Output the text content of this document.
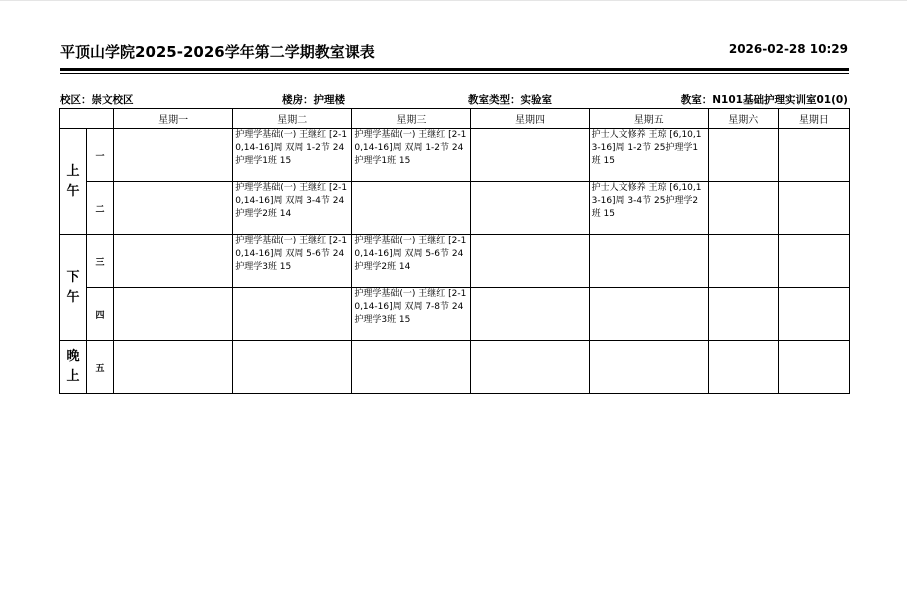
平顶山学院2025-2026学年第二学期教室课表	2026-02-28 10:29
校区：崇文校区	楼房：护理楼	教室类型：实验室	教室：N101基础护理实训室01(0)
		星期一	星期二	星期三	星期四	星期五	星期六	星期日

上午	一		护理学基础(一) 王继红 [2-10,14-16]周 双周 1-2节 24 护理学1班 15	护理学基础(一) 王继红 [2-10,14-16]周 双周 1-2节 24 护理学1班 15		护士人文修养 王琼 [6,10,13-16]周 1-2节 25护理学1班 15		

	二		护理学基础(一) 王继红 [2-10,14-16]周 双周 3-4节 24 护理学2班 14			护士人文修养 王琼 [6,10,13-16]周 3-4节 25护理学2班 15		

下午	三		护理学基础(一) 王继红 [2-10,14-16]周 双周 5-6节 24 护理学3班 15	护理学基础(一) 王继红 [2-10,14-16]周 双周 5-6节 24 护理学2班 14				

	四			护理学基础(一) 王继红 [2-10,14-16]周 双周 7-8节 24 护理学3班 15				

晚上	五							
